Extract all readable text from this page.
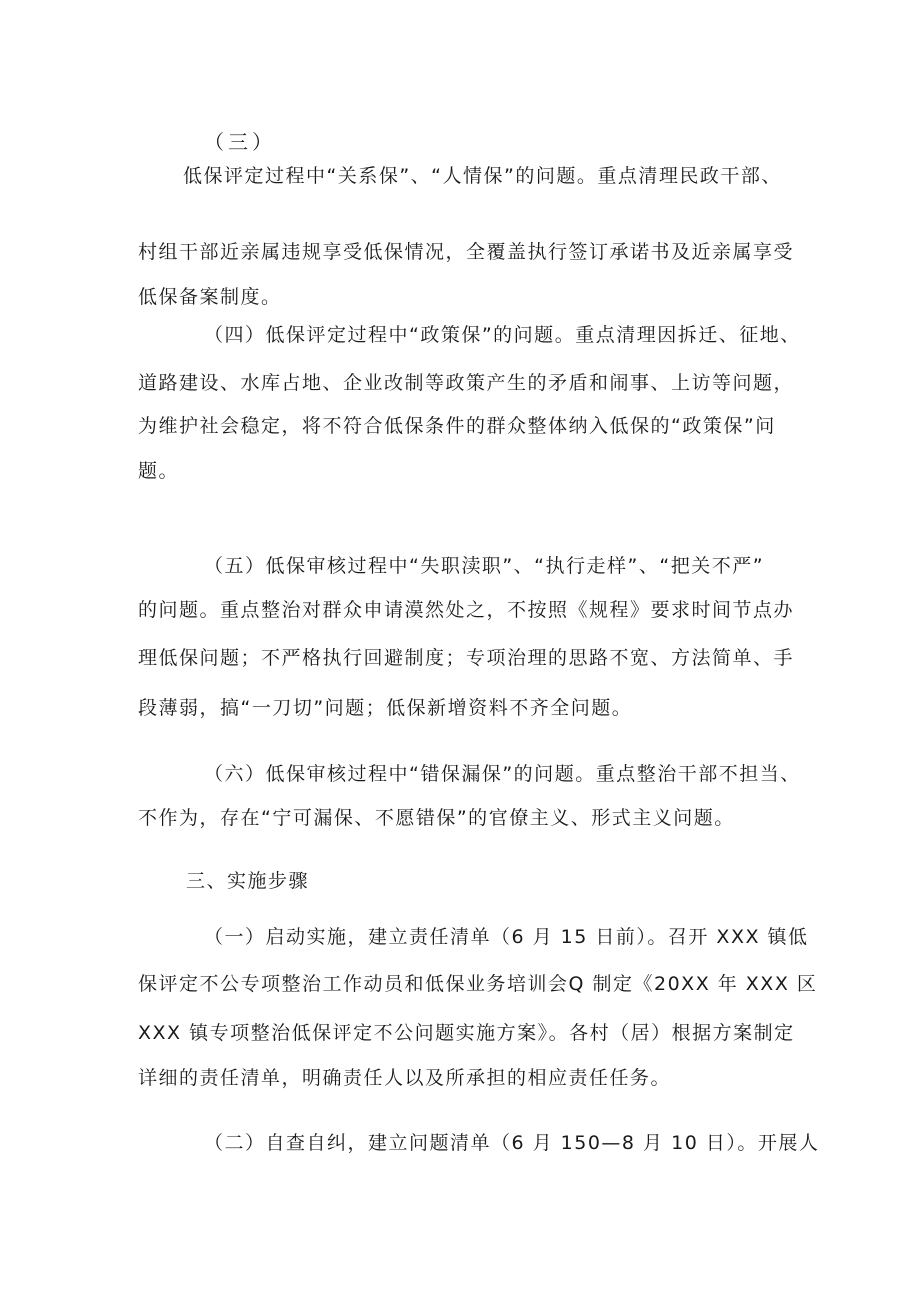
（三）
低保评定过程中“关系保”、“人情保”的问题。重点清理民政干部、
村组干部近亲属违规享受低保情况，全覆盖执行签订承诺书及近亲属享受
低保备案制度。
（四）低保评定过程中“政策保”的问题。重点清理因拆迁、征地、
道路建设、水库占地、企业改制等政策产生的矛盾和闹事、上访等问题，
为维护社会稳定，将不符合低保条件的群众整体纳入低保的“政策保”问
题。
（五）低保审核过程中“失职渎职”、“执行走样”、“把关不严”
的问题。重点整治对群众申请漠然处之，不按照《规程》要求时间节点办
理低保问题；不严格执行回避制度；专项治理的思路不宽、方法简单、手
段薄弱，搞“一刀切”问题；低保新增资料不齐全问题。
（六）低保审核过程中“错保漏保”的问题。重点整治干部不担当、
不作为，存在“宁可漏保、不愿错保”的官僚主义、形式主义问题。
三、实施步骤
（一）启动实施，建立责任清单（6 月 15 日前）。召开 XXX 镇低
保评定不公专项整治工作动员和低保业务培训会Q 制定《20XX 年 XXX 区
XXX 镇专项整治低保评定不公问题实施方案》。各村（居）根据方案制定
详细的责任清单，明确责任人以及所承担的相应责任任务。
（二）自查自纠，建立问题清单（6 月 150—8 月 10 日）。开展人
